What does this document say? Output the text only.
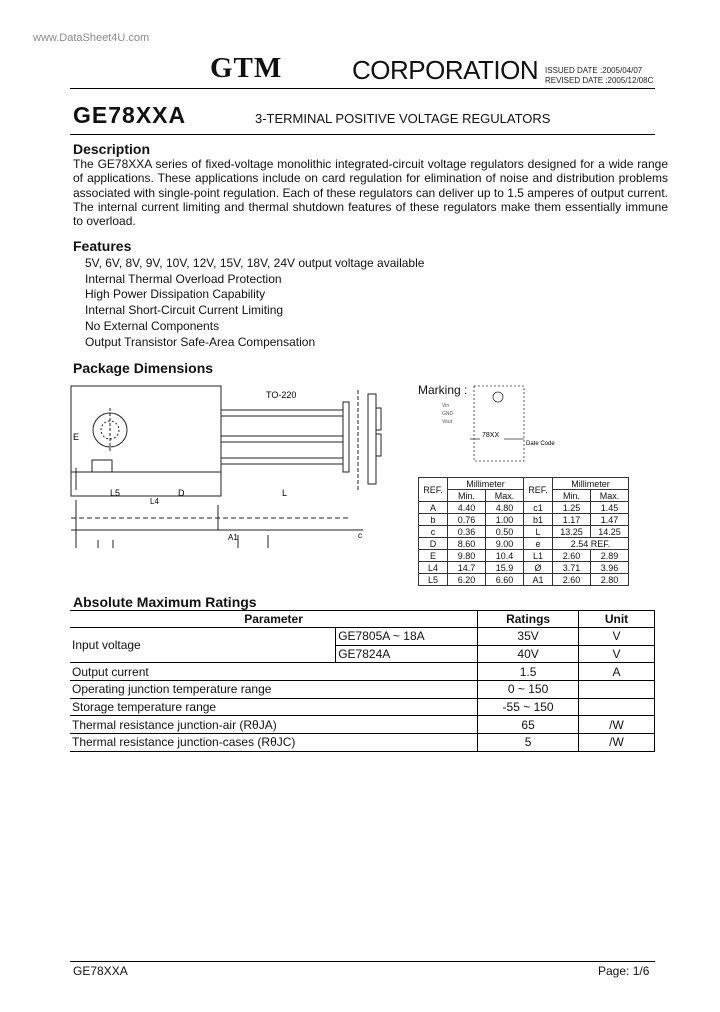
www.DataSheet4U.com
GTM	CORPORATION ISSUED DATE :2005/04/07
REVISED DATE :2005/12/08C
GE78XXA	3-TERMINAL POSITIVE VOLTAGE REGULATORS
Description
The GE78XXA series of fixed-voltage monolithic integrated-circuit voltage regulators designed for a wide range of applications. These applications include on card regulation for elimination of noise and distribution problems associated with single-point regulation. Each of these regulators can deliver up to 1.5 amperes of output current. The internal current limiting and thermal shutdown features of these regulators make them essentially immune to overload.
Features
5V, 6V, 8V, 9V, 10V, 12V, 15V, 18V, 24V output voltage available
Internal Thermal Overload Protection
High Power Dissipation Capability
Internal Short-Circuit Current Limiting
No External Components
Output Transistor Safe-Area Compensation
Package Dimensions
TO-220
L5	D	L
E
L4
A1	c
Marking :
Vin
GND
Vout
78XX
Date Code
REF.	Millimeter		REF.	Millimeter	
	Min.	Max.		Min.	Max.
A	4.40	4.80	c1	1.25	1.45
b	0.76	1.00	b1	1.17	1.47
c	0.36	0.50	L	13.25	14.25
D	8.60	9.00	e	2.54 REF.	
E	9.80	10.4	L1	2.60	2.89
L4	14.7	15.9	Ø	3.71	3.96
L5	6.20	6.60	A1	2.60	2.80
Absolute Maximum Ratings
Parameter		Ratings	Unit
Input voltage	GE7805A ~ 18A	35V	V
	GE7824A	40V	V
Output current		1.5	A
Operating junction temperature range		0 ~ 150	
Storage temperature range		-55 ~ 150	
Thermal resistance junction-air (RθJA)		65	/W
Thermal resistance junction-cases (RθJC)		5	/W
GE78XXA	Page: 1/6
